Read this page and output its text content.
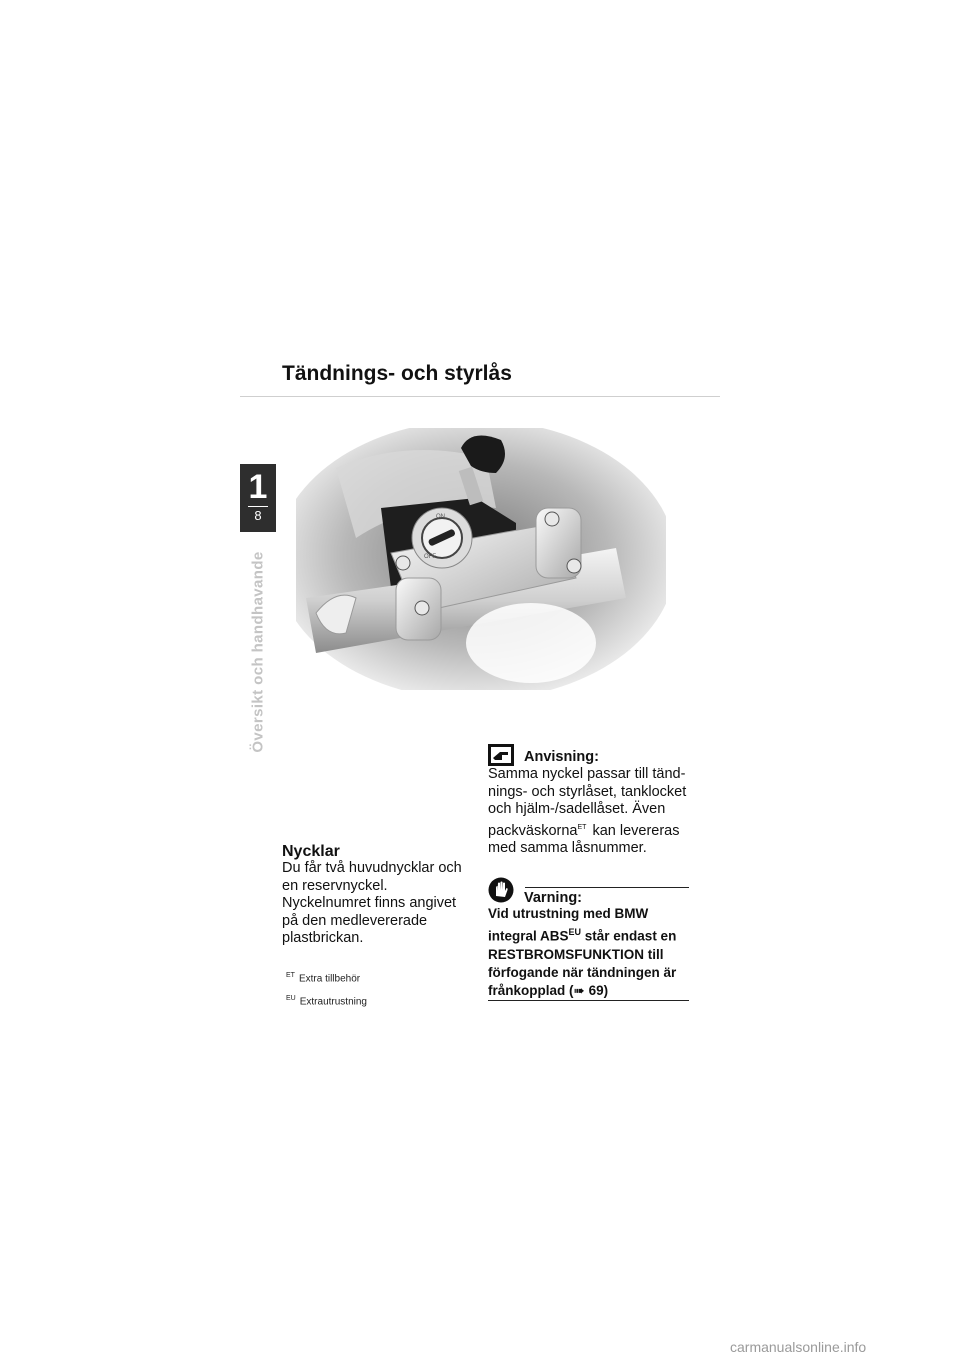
Tändnings- och styrlås
1
8
Översikt och handhavande
ON
OFF
Nycklar

Du får två huvudnycklar och en reservnyckel. Nyckelnumret finns angivet på den medlevererade plastbrickan.

$^{ET}$ Extra tillbehör
$^{EU}$ Extrautrustning
Anvisning:

Samma nyckel passar till tänd-nings- och styrlåset, tanklocket och hjälm-/sadellåset. Även packväskorna$^{ET}$ kan levereras med samma låsnummer.

Varning:

Vid utrustning med BMW integral $ABS^{EU}$ står endast en RESTBROMSFUNKTION till förfogande när tändningen är frånkopplad (➠ 69)

carmanualsonline.info
